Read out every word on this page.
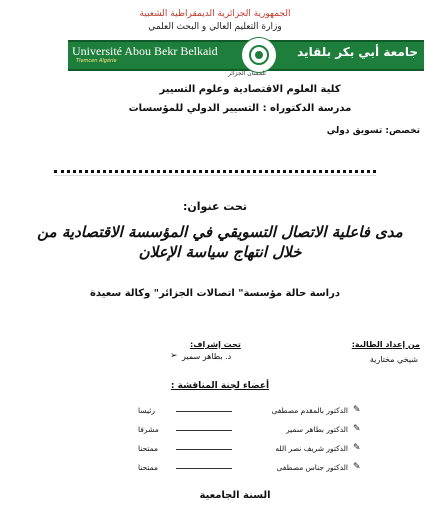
الجمهورية الجزائرية الديمقراطية الشعبية
وزارة التعليم العالي و البحث العلمي
Université Abou Bekr Belkaid
Tlemcen Algérie
جامعة أبي بكر بلقايد
تلمسان الجزائر
كلية العلوم الاقتصادية وعلوم التسيير
مدرسة الدكتوراه : التسيير الدولي للمؤسسات
تخصص: تسويق دولي
تحت عنوان:
مدى فاعلية الاتصال التسويقي في المؤسسة الاقتصادية من خلال انتهاج سياسة الإعلان
دراسة حالة مؤسسة" اتصالات الجزائر" وكالة سعيدة
من إعداد الطالبة:
شيخي مختارية
تحت إشراف:
➢ د. بطاهر سمير
أعضاء لجنة المناقشة :
✎
الدكتور بالمقدم مصطفى
رئيسا
✎
الدكتور بطاهر سمير
مشرفا
✎
الدكتور شريف نصر الله
ممتحنا
✎
الدكتور جناس مصطفى
ممتحنا
السنة الجامعية
